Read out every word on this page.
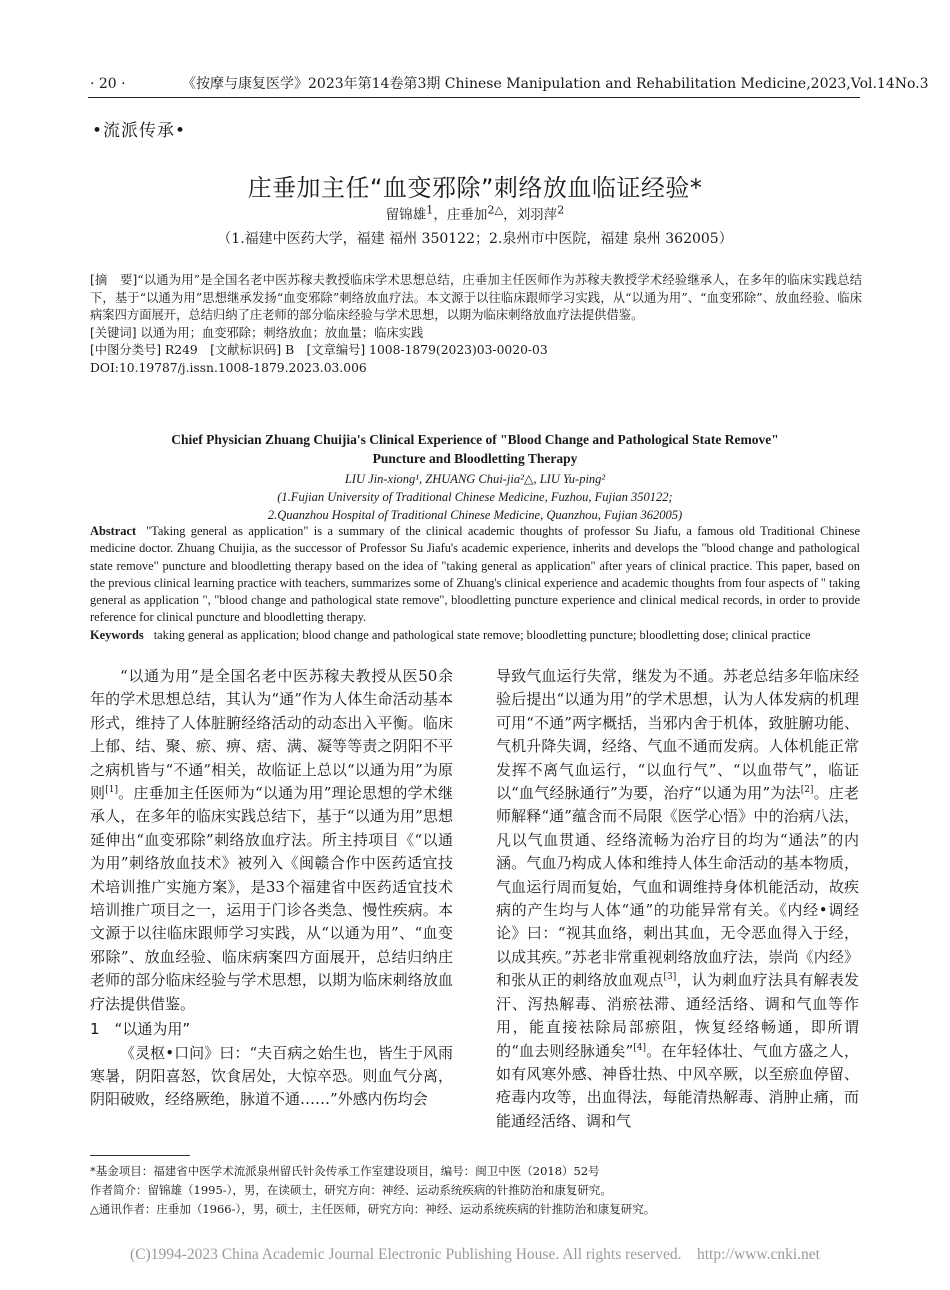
· 20 ·	《按摩与康复医学》2023年第14卷第3期 Chinese Manipulation and Rehabilitation Medicine,2023,Vol.14No.3
•流派传承•
庄垂加主任“血变邪除”刺络放血临证经验*
留锦雄$^1$，庄垂加$^{2\triangle}$，刘羽萍$^2$
（1.福建中医药大学，福建 福州 350122；2.泉州市中医院，福建 泉州 362005）

[摘　要]“以通为用”是全国名老中医苏稼夫教授临床学术思想总结，庄垂加主任医师作为苏稼夫教授学术经验继承人，在多年的临床实践总结下，基于“以通为用”思想继承发扬“血变邪除”刺络放血疗法。本文源于以往临床跟师学习实践，从“以通为用”、“血变邪除”、放血经验、临床病案四方面展开，总结归纳了庄老师的部分临床经验与学术思想，以期为临床刺络放血疗法提供借鉴。

[关键词] 以通为用；血变邪除；刺络放血；放血量；临床实践

[中图分类号] R249　 [文献标识码] B　 [文章编号] 1008-1879(2023)03-0020-03

DOI:10.19787/j.issn.1008-1879.2023.03.006

Chief Physician Zhuang Chuijia's Clinical Experience of "Blood Change and Pathological State Remove"
Puncture and Bloodletting Therapy
LIU Jin-xiong¹, ZHUANG Chui-jia²△, LIU Yu-ping²
(1.Fujian University of Traditional Chinese Medicine, Fuzhou, Fujian 350122;
2.Quanzhou Hospital of Traditional Chinese Medicine, Quanzhou, Fujian 362005)

Abstract "Taking general as application" is a summary of the clinical academic thoughts of professor Su Jiafu, a famous old Traditional Chinese medicine doctor. Zhuang Chuijia, as the successor of Professor Su Jiafu's academic experience, inherits and develops the "blood change and pathological state remove" puncture and bloodletting therapy based on the idea of "taking general as application" after years of clinical practice. This paper, based on the previous clinical learning practice with teachers, summarizes some of Zhuang's clinical experience and academic thoughts from four aspects of " taking general as application ", "blood change and pathological state remove", bloodletting puncture experience and clinical medical records, in order to provide reference for clinical puncture and bloodletting therapy.

Keywords taking general as application; blood change and pathological state remove; bloodletting puncture; bloodletting dose; clinical practice

“以通为用”是全国名老中医苏稼夫教授从医50余年的学术思想总结，其认为“通”作为人体生命活动基本形式，维持了人体脏腑经络活动的动态出入平衡。临床上郁、结、聚、瘀、痹、痞、满、凝等等责之阴阳不平之病机皆与“不通”相关，故临证上总以“以通为用”为原则[1]。庄垂加主任医师为“以通为用”理论思想的学术继承人，在多年的临床实践总结下，基于“以通为用”思想延伸出“血变邪除”刺络放血疗法。所主持项目《“以通为用”刺络放血技术》被列入《闽赣合作中医药适宜技术培训推广实施方案》，是33个福建省中医药适宜技术培训推广项目之一，运用于门诊各类急、慢性疾病。本文源于以往临床跟师学习实践，从“以通为用”、“血变邪除”、放血经验、临床病案四方面展开，总结归纳庄老师的部分临床经验与学术思想，以期为临床刺络放血疗法提供借鉴。

1　“以通为用”

《灵枢•口问》曰：“夫百病之始生也，皆生于风雨寒暑，阴阳喜怒，饮食居处，大惊卒恐。则血气分离，阴阳破败，经络厥绝，脉道不通……”外感内伤均会

导致气血运行失常，继发为不通。苏老总结多年临床经验后提出“以通为用”的学术思想，认为人体发病的机理可用“不通”两字概括，当邪内舍于机体，致脏腑功能、气机升降失调，经络、气血不通而发病。人体机能正常发挥不离气血运行，“以血行气”、“以血带气”，临证以“血气经脉通行”为要，治疗“以通为用”为法[2]。庄老师解释“通”蕴含而不局限《医学心悟》中的治病八法，凡以气血贯通、经络流畅为治疗目的均为“通法”的内涵。气血乃构成人体和维持人体生命活动的基本物质，气血运行周而复始，气血和调维持身体机能活动，故疾病的产生均与人体“通”的功能异常有关。《内经•调经论》曰：“视其血络，刺出其血，无令恶血得入于经，以成其疾。”苏老非常重视刺络放血疗法，崇尚《内经》和张从正的刺络放血观点[3]，认为刺血疗法具有解表发汗、泻热解毒、消瘀祛滞、通经活络、调和气血等作用，能直接祛除局部瘀阻，恢复经络畅通，即所谓的“血去则经脉通矣”[4]。在年轻体壮、气血方盛之人，如有风寒外感、神昏壮热、中风卒厥，以至瘀血停留、疮毒内攻等，出血得法，每能清热解毒、消肿止痛，而能通经活络、调和气

*基金项目：福建省中医学术流派泉州留氏针灸传承工作室建设项目，编号：闽卫中医（2018）52号

作者简介：留锦雄（1995-），男，在读硕士，研究方向：神经、运动系统疾病的针推防治和康复研究。

△通讯作者：庄垂加（1966-），男，硕士，主任医师，研究方向：神经、运动系统疾病的针推防治和康复研究。

(C)1994-2023 China Academic Journal Electronic Publishing House. All rights reserved.　http://www.cnki.net
